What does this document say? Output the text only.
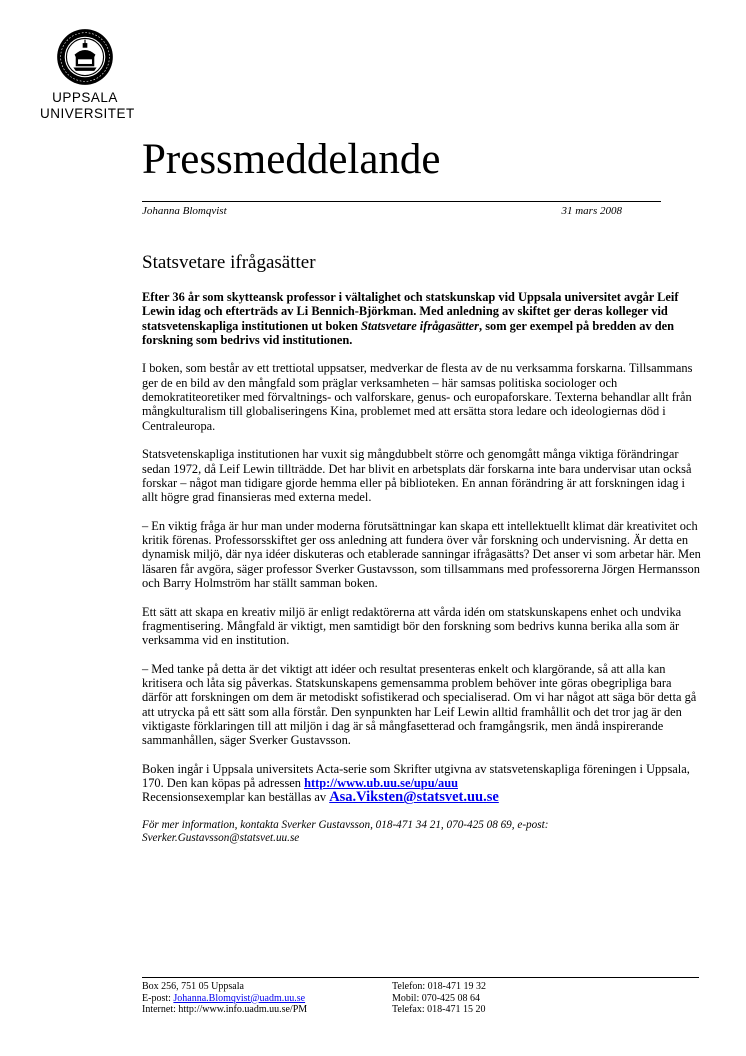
UPPSALA
UNIVERSITET
Pressmeddelande
Johanna Blomqvist	31 mars 2008
Statsvetare ifrågasätter

Efter 36 år som skytteansk professor i vältalighet och statskunskap vid Uppsala universitet avgår Leif Lewin idag och efterträds av Li Bennich-Björkman. Med anledning av skiftet ger deras kolleger vid statsvetenskapliga institutionen ut boken Statsvetare ifrågasätter, som ger exempel på bredden av den forskning som bedrivs vid institutionen.

I boken, som består av ett trettiotal uppsatser, medverkar de flesta av de nu verksamma forskarna. Tillsammans ger de en bild av den mångfald som präglar verksamheten – här samsas politiska sociologer och demokratiteoretiker med förvaltnings- och valforskare, genus- och europaforskare. Texterna behandlar allt från mångkulturalism till globaliseringens Kina, problemet med att ersätta stora ledare och ideologiernas död i Centraleuropa.

Statsvetenskapliga institutionen har vuxit sig mångdubbelt större och genomgått många viktiga förändringar sedan 1972, då Leif Lewin tillträdde. Det har blivit en arbetsplats där forskarna inte bara undervisar utan också forskar – något man tidigare gjorde hemma eller på biblioteken. En annan förändring är att forskningen idag i allt högre grad finansieras med externa medel.

– En viktig fråga är hur man under moderna förutsättningar kan skapa ett intellektuellt klimat där kreativitet och kritik förenas. Professorsskiftet ger oss anledning att fundera över vår forskning och undervisning. Är detta en dynamisk miljö, där nya idéer diskuteras och etablerade sanningar ifrågasätts? Det anser vi som arbetar här. Men läsaren får avgöra, säger professor Sverker Gustavsson, som tillsammans med professorerna Jörgen Hermansson och Barry Holmström har ställt samman boken.

Ett sätt att skapa en kreativ miljö är enligt redaktörerna att vårda idén om statskunskapens enhet och undvika fragmentisering. Mångfald är viktigt, men samtidigt bör den forskning som bedrivs kunna berika alla som är verksamma vid en institution.

– Med tanke på detta är det viktigt att idéer och resultat presenteras enkelt och klargörande, så att alla kan kritisera och låta sig påverkas. Statskunskapens gemensamma problem behöver inte göras obegripliga bara därför att forskningen om dem är metodiskt sofistikerad och specialiserad. Om vi har något att säga bör detta gå att utrycka på ett sätt som alla förstår. Den synpunkten har Leif Lewin alltid framhållit och det tror jag är den viktigaste förklaringen till att miljön i dag är så mångfasetterad och framgångsrik, men ändå inspirerande sammanhållen, säger Sverker Gustavsson.

Boken ingår i Uppsala universitets Acta-serie som Skrifter utgivna av statsvetenskapliga föreningen i Uppsala, 170. Den kan köpas på adressen http://www.ub.uu.se/upu/auu
Recensionsexemplar kan beställas av Asa.Viksten@statsvet.uu.se

För mer information, kontakta Sverker Gustavsson, 018-471 34 21, 070-425 08 69, e-post: Sverker.Gustavsson@statsvet.uu.se

Box 256, 751 05 Uppsala
E-post: Johanna.Blomqvist@uadm.uu.se
Internet: http://www.info.uadm.uu.se/PM
Telefon: 018-471 19 32
Mobil: 070-425 08 64
Telefax: 018-471 15 20
